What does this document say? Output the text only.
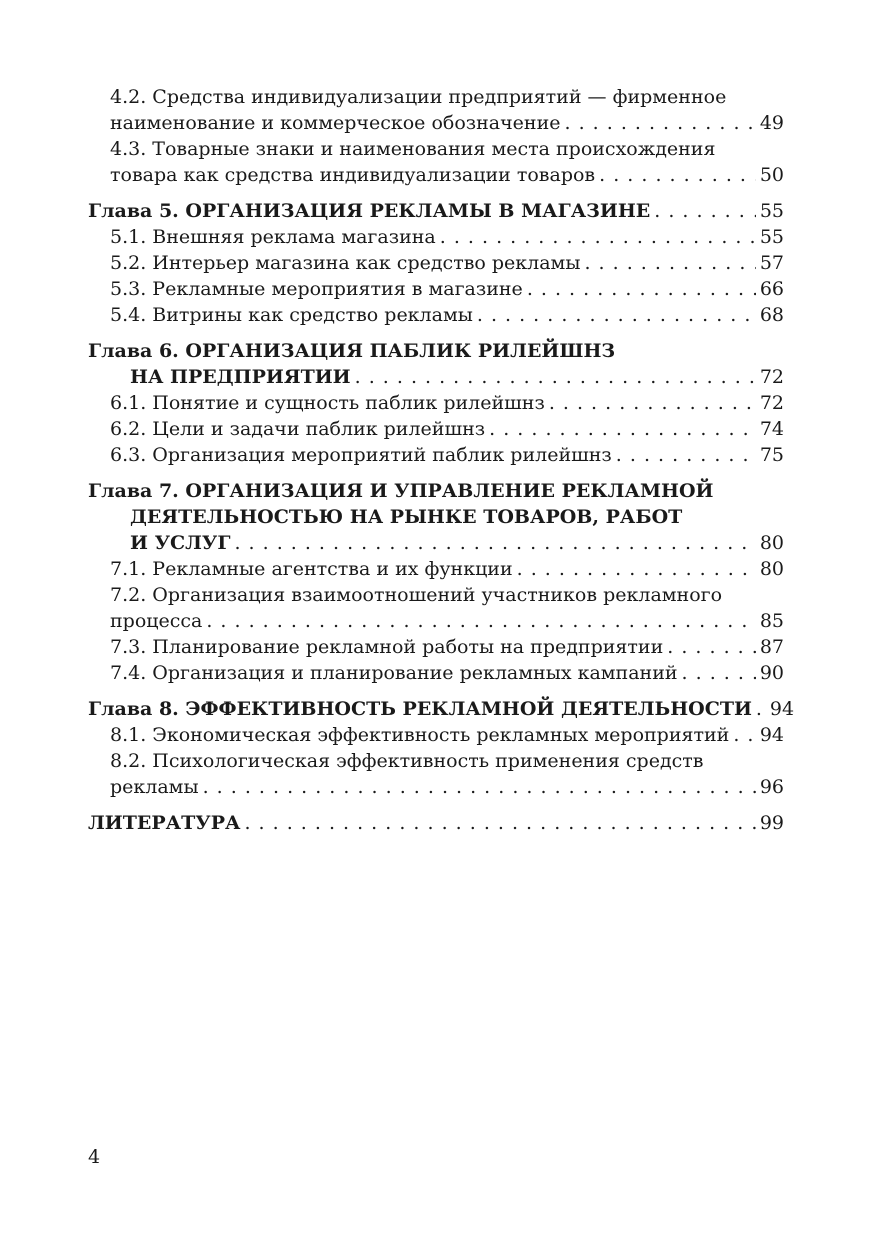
4.2. Средства индивидуализации предприятий — фирменное
наименование и коммерческое обозначение . . .	49
4.3. Товарные знаки и наименования места происхождения
товара как средства индивидуализации товаров . . .	50
Глава 5. ОРГАНИЗАЦИЯ РЕКЛАМЫ В МАГАЗИНЕ . . .	55
5.1. Внешняя реклама магазина . . .	55
5.2. Интерьер магазина как средство рекламы . . .	57
5.3. Рекламные мероприятия в магазине . . .	66
5.4. Витрины как средство рекламы . . .	68
Глава 6. ОРГАНИЗАЦИЯ ПАБЛИК РИЛЕЙШНЗ
НА ПРЕДПРИЯТИИ . . .	72
6.1. Понятие и сущность паблик рилейшнз . . .	72
6.2. Цели и задачи паблик рилейшнз . . .	74
6.3. Организация мероприятий паблик рилейшнз . . .	75
Глава 7. ОРГАНИЗАЦИЯ И УПРАВЛЕНИЕ РЕКЛАМНОЙ
ДЕЯТЕЛЬНОСТЬЮ НА РЫНКЕ ТОВАРОВ, РАБОТ
И УСЛУГ . . .	80
7.1. Рекламные агентства и их функции . . .	80
7.2. Организация взаимоотношений участников рекламного
процесса . . .	85
7.3. Планирование рекламной работы на предприятии . . .	87
7.4. Организация и планирование рекламных кампаний . . .	90
Глава 8. ЭФФЕКТИВНОСТЬ РЕКЛАМНОЙ ДЕЯТЕЛЬНОСТИ . . . 94
8.1. Экономическая эффективность рекламных мероприятий . . . 94
8.2. Психологическая эффективность применения средств
рекламы . . .	96
ЛИТЕРАТУРА . . .	99
4
